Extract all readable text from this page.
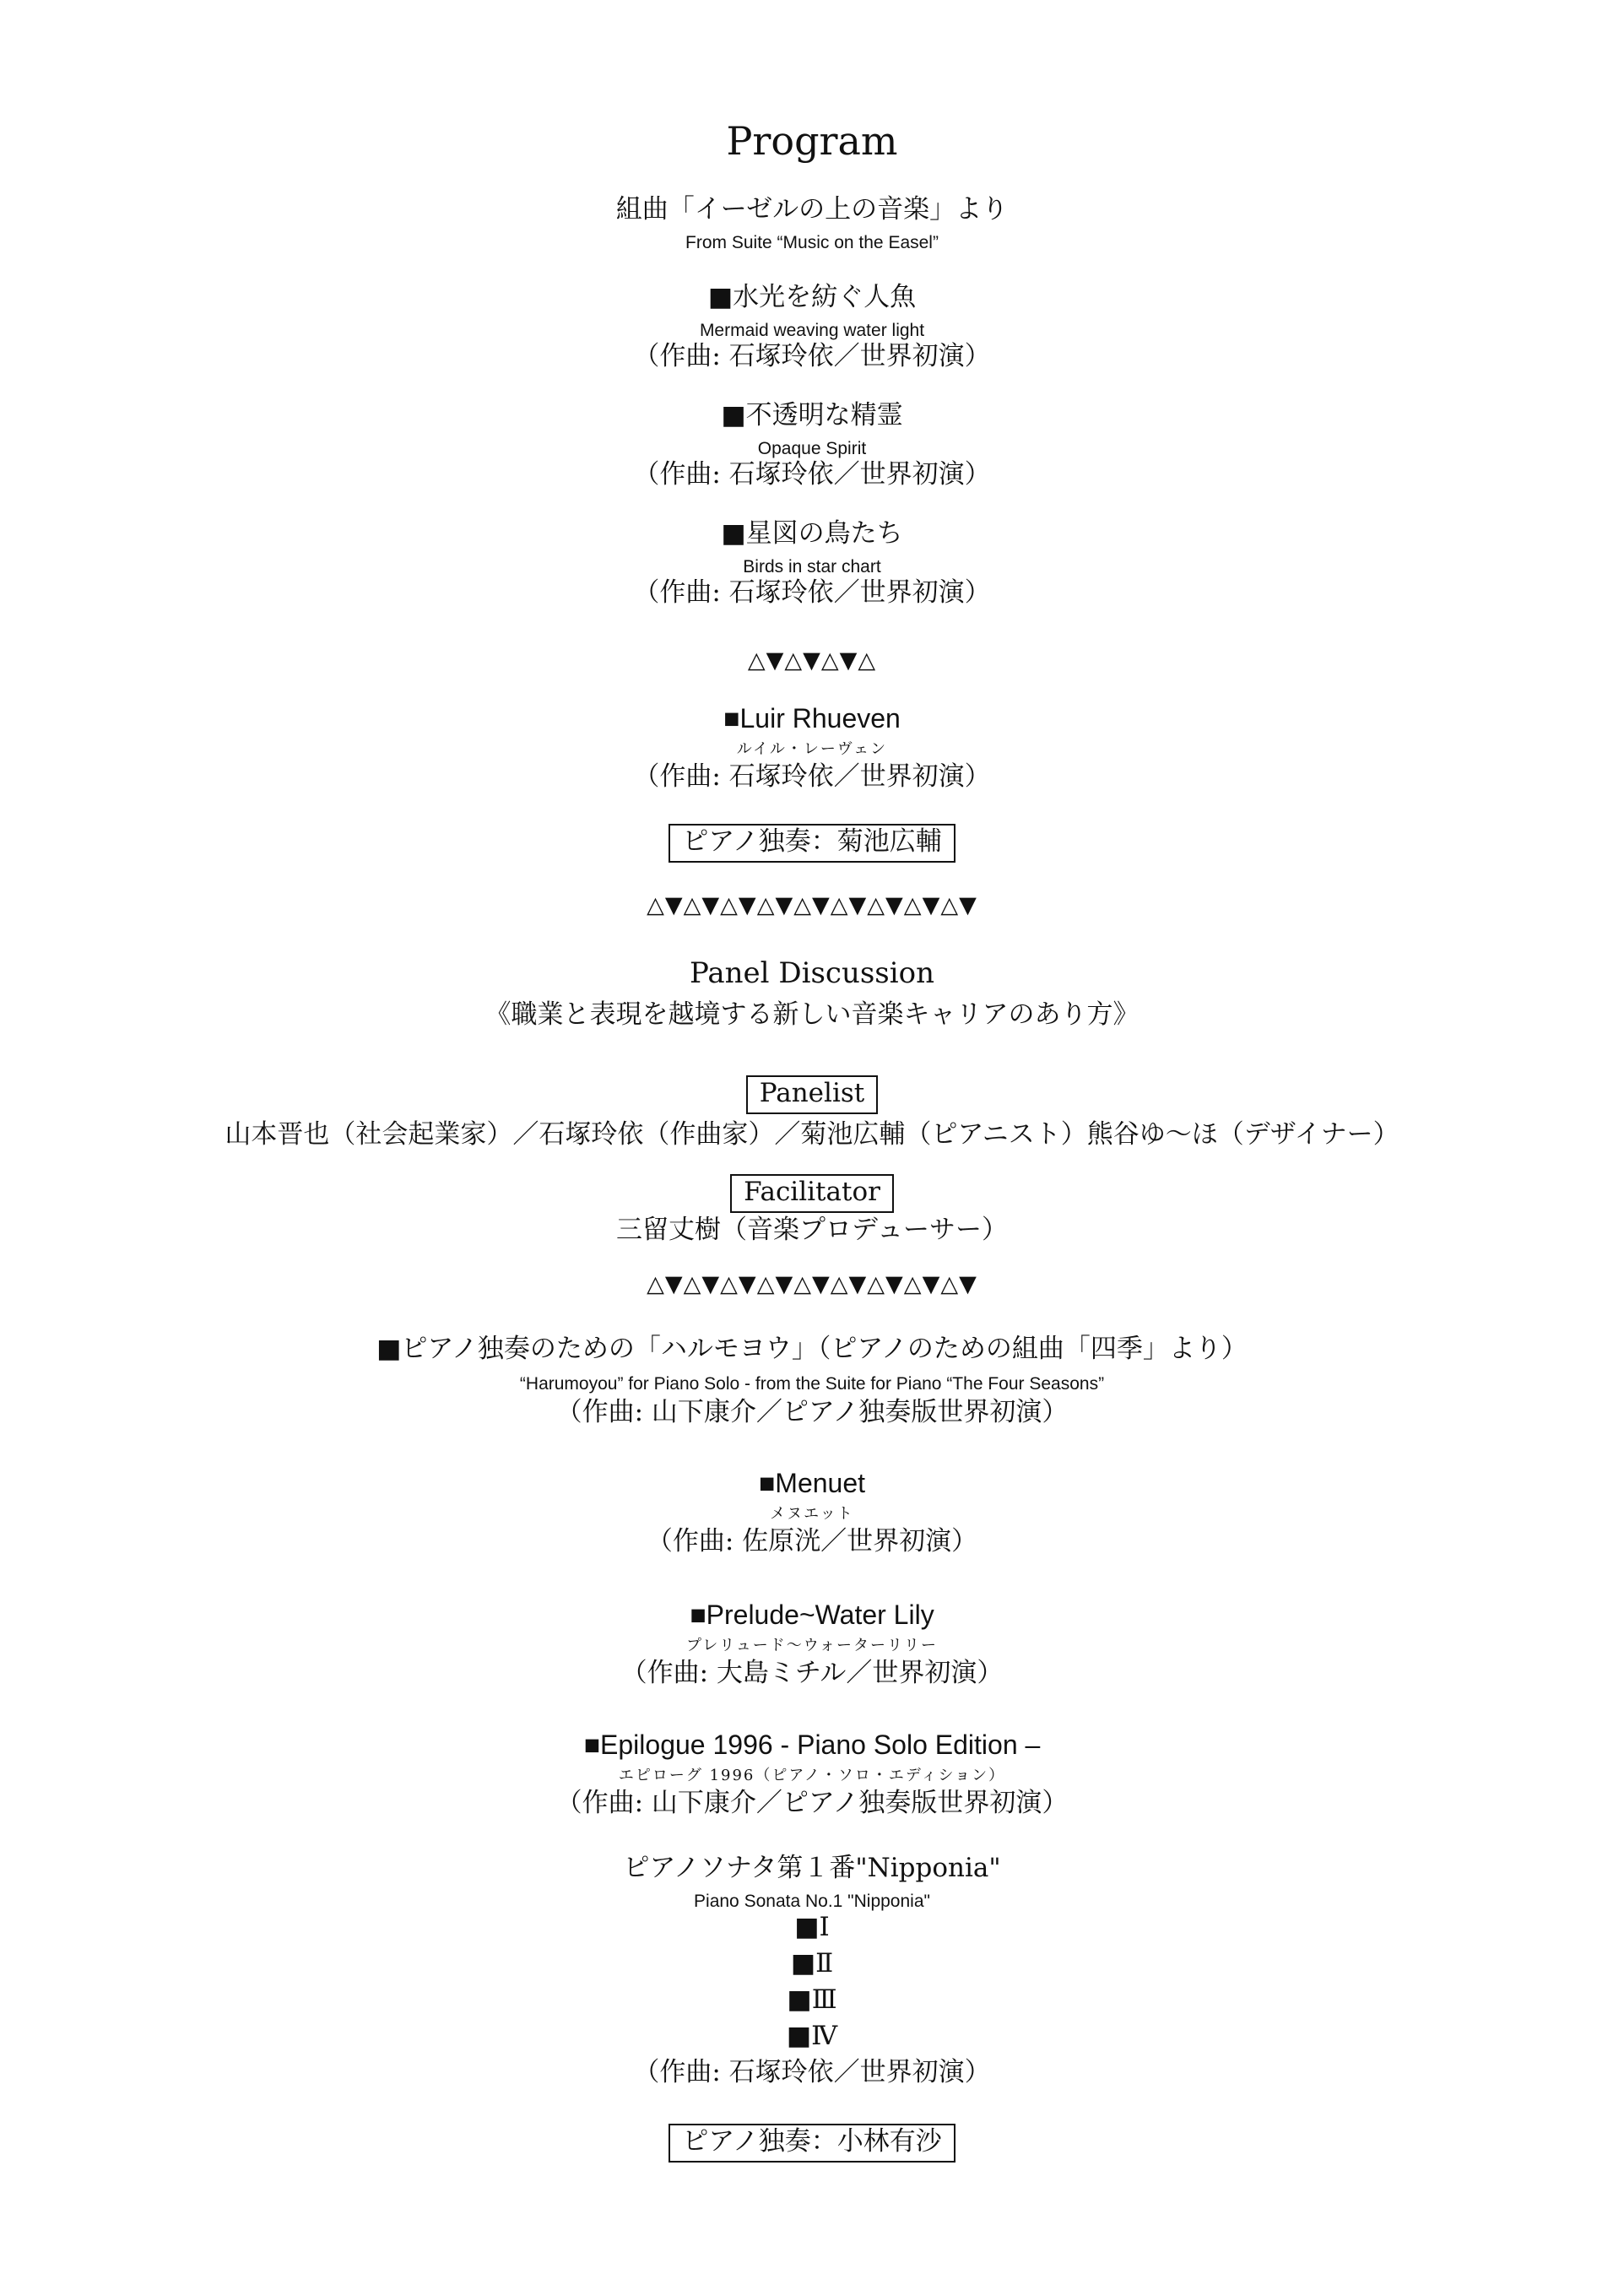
Program
組曲「イーゼルの上の音楽」より
From Suite “Music on the Easel”
■水光を紡ぐ人魚
Mermaid weaving water light
（作曲: 石塚玲依／世界初演）
■不透明な精霊
Opaque Spirit
（作曲: 石塚玲依／世界初演）
■星図の鳥たち
Birds in star chart
（作曲: 石塚玲依／世界初演）
△▼△▼△▼△
■Luir Rhueven
ルイル・レーヴェン
（作曲: 石塚玲依／世界初演）
ピアノ独奏：菊池広輔
△▼△▼△▼△▼△▼△▼△▼△▼△▼
Panel Discussion
《職業と表現を越境する新しい音楽キャリアのあり方》
Panelist
山本晋也（社会起業家）／石塚玲依（作曲家）／菊池広輔（ピアニスト）熊谷ゆ〜ほ（デザイナー）
Facilitator
三留丈樹（音楽プロデューサー）
△▼△▼△▼△▼△▼△▼△▼△▼△▼
■ピアノ独奏のための「ハルモヨウ」（ピアノのための組曲「四季」より）
“Harumoyou” for Piano Solo - from the Suite for Piano “The Four Seasons”
（作曲: 山下康介／ピアノ独奏版世界初演）
■Menuet
メヌエット
（作曲: 佐原洸／世界初演）
■Prelude~Water Lily
プレリュード〜ウォーターリリー
（作曲: 大島ミチル／世界初演）
■Epilogue 1996 - Piano Solo Edition –
エピローグ 1996（ピアノ・ソロ・エディション）
（作曲: 山下康介／ピアノ独奏版世界初演）
ピアノソナタ第１番"Nipponia"
Piano Sonata No.1 "Nipponia"
■Ⅰ
■Ⅱ
■Ⅲ
■Ⅳ
（作曲: 石塚玲依／世界初演）
ピアノ独奏：小林有沙
